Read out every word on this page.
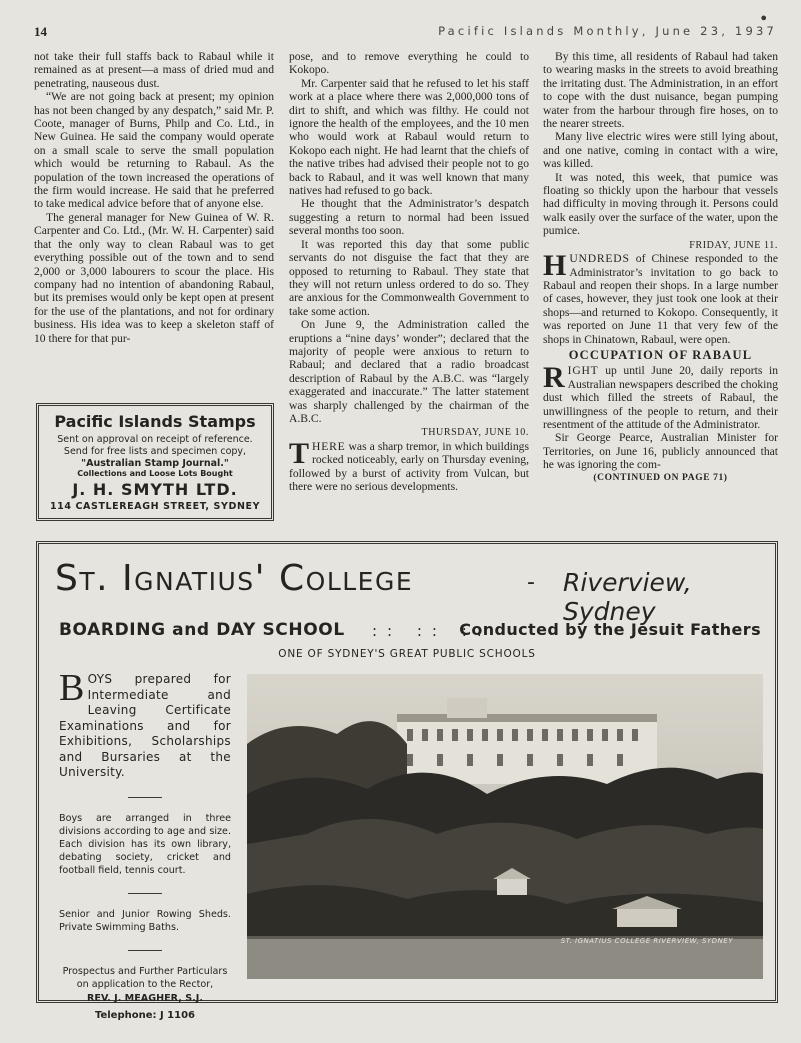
14
●
Pacific Islands Monthly, June 23, 1937

not take their full staffs back to Rabaul while it remained as at present—a mass of dried mud and penetrating, nauseous dust.

“We are not going back at present; my opinion has not been changed by any despatch,” said Mr. P. Coote, manager of Burns, Philp and Co. Ltd., in New Guinea. He said the company would operate on a small scale to serve the small population which would be returning to Rabaul. As the population of the town increased the operations of the firm would increase. He said that he preferred to take medical advice before that of anyone else.

The general manager for New Guinea of W. R. Carpenter and Co. Ltd., (Mr. W. H. Carpenter) said that the only way to clean Rabaul was to get everything possible out of the town and to send 2,000 or 3,000 labourers to scour the place. His company had no intention of abandoning Rabaul, but its premises would only be kept open at present for the use of the plantations, and not for ordinary business. His idea was to keep a skeleton staff of 10 there for that pur-

Pacific Islands Stamps
Sent on approval on receipt of reference.
Send for free lists and specimen copy,
"Australian Stamp Journal."
Collections and Loose Lots Bought
J. H. SMYTH LTD.
114 CASTLEREAGH STREET, SYDNEY

pose, and to remove everything he could to Kokopo.

Mr. Carpenter said that he refused to let his staff work at a place where there was 2,000,000 tons of dirt to shift, and which was filthy. He could not ignore the health of the employees, and the 10 men who would work at Rabaul would return to Kokopo each night. He had learnt that the chiefs of the native tribes had advised their people not to go back to Rabaul, and it was well known that many natives had refused to go back.

He thought that the Administrator’s despatch suggesting a return to normal had been issued several months too soon.

It was reported this day that some public servants do not disguise the fact that they are opposed to returning to Rabaul. They state that they will not return unless ordered to do so. They are anxious for the Commonwealth Government to take some action.

On June 9, the Administration called the eruptions a “nine days’ wonder”; declared that the majority of people were anxious to return to Rabaul; and declared that a radio broadcast description of Rabaul by the A.B.C. was “largely exaggerated and inaccurate.” The latter statement was sharply challenged by the chairman of the A.B.C.

THURSDAY, JUNE 10.

THERE was a sharp tremor, in which buildings rocked noticeably, early on Thursday evening, followed by a burst of activity from Vulcan, but there were no serious developments.

By this time, all residents of Rabaul had taken to wearing masks in the streets to avoid breathing the irritating dust. The Administration, in an effort to cope with the dust nuisance, began pumping water from the harbour through fire hoses, on to the nearer streets.

Many live electric wires were still lying about, and one native, coming in contact with a wire, was killed.

It was noted, this week, that pumice was floating so thickly upon the harbour that vessels had difficulty in moving through it. Persons could walk easily over the surface of the water, upon the pumice.

FRIDAY, JUNE 11.

HUNDREDS of Chinese responded to the Administrator’s invitation to go back to Rabaul and reopen their shops. In a large number of cases, however, they just took one look at their shops—and returned to Kokopo. Consequently, it was reported on June 11 that very few of the shops in Chinatown, Rabaul, were open.

OCCUPATION OF RABAUL

RIGHT up until June 20, daily reports in Australian newspapers described the choking dust which filled the streets of Rabaul, the unwillingness of the people to return, and their resentment of the attitude of the Administrator.

Sir George Pearce, Australian Minister for Territories, on June 16, publicly announced that he was ignoring the com-

(CONTINUED ON PAGE 71)
St. Ignatius' College	- Riverview, Sydney
BOARDING and DAY SCHOOL :: :: ::
Conducted by the Jesuit Fathers
ONE OF SYDNEY'S GREAT PUBLIC SCHOOLS
BOYS prepared for Intermediate and Leaving Certificate Examinations and for Exhibitions, Scholarships and Bursaries at the University.
Boys are arranged in three divisions according to age and size. Each division has its own library, debating society, cricket and football field, tennis court.
Senior and Junior Rowing Sheds. Private Swimming Baths.
Prospectus and Further Particulars on application to the Rector,
REV. J. MEAGHER, S.J.
Telephone: J 1106
ST. IGNATIUS COLLEGE RIVERVIEW, SYDNEY
